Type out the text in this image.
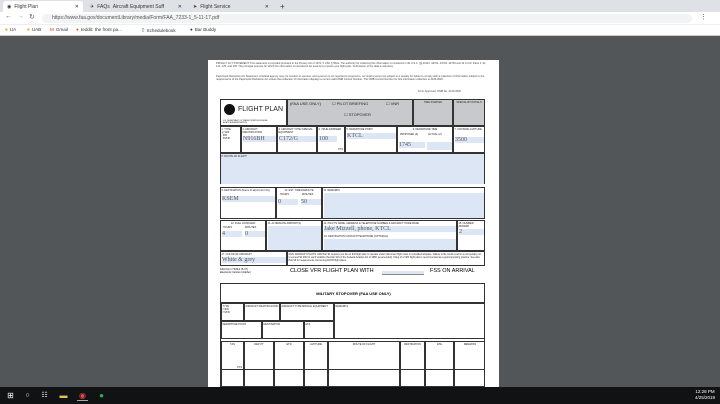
◉ Flight Plan	✕ ✈ FAQs Aircraft Equipment Suff	✕ ➤ Flight Service	✕	+
← → ↻	https://www.faa.gov/documentLibrary/media/Form/FAA_7233-1_5-11-17.pdf	⋮
■ UA ■ UAB M Gmail ● reddit: the front pa...	▯ Schedulebook	● Bar Buddy
PRIVACY ACT STATEMENT: This statement is provided pursuant to the Privacy Act of 1974, 5 USC § 552a. The authority for collecting this information is contained in 49 U.S.C. §§ 40113, 44702, 44703, 44709 and 14 C.F.R. Parts 1, 91, 121, 125, and 135. The principal purpose for which the information is intended to be used is to process your flight plan. Submission of the data is voluntary.
Paperwork Reduction Act Statement: A federal agency may not conduct or sponsor, and a person is not required to respond to, nor shall a person be subject to a penalty for failure to comply with a collection of information subject to the requirements of the Paperwork Reduction Act unless that collection of information displays a current valid OMB Control Number. The OMB Control Number for this information collection is 2120-0026.
Form Approved: OMB No. 2120-0026
FLIGHT PLAN
U.S. DEPARTMENT OF TRANSPORTATION FEDERAL AVIATION ADMINISTRATION
(FAA USE ONLY)	☐ PILOT BRIEFING	☐ VNR
☐ STOPOVER
TIME STARTED	SPECIALIST INITIALS
1. TYPE
✓ VFR
IFR
DVFR
2. AIRCRAFT IDENTIFICATION
N916BH
3. AIRCRAFT TYPE/ SPECIAL EQUIPMENT
C172/G
4. TRUE AIRSPEED
100
KTS
5. DEPARTURE POINT
KTCL
6. DEPARTURE TIME
PROPOSED (Z)	ACTUAL (Z)
1745
7. CRUISING ALTITUDE
3500
8. ROUTE OF FLIGHT
9. DESTINATION (Name of airport and city)
KSEM
10. EST. TIME ENROUTE
HOURS	MINUTES
0	50
11. REMARKS
12. FUEL ON BOARD
HOURS	MINUTES
4	0
13. ALTERNATE AIRPORT(S)	14. PILOT'S NAME, ADDRESS & TELEPHONE NUMBER & AIRCRAFT HOME BASE
Jake Mizzell, phone, KTCL
16. DESTINATION CONTACT/TELEPHONE (OPTIONAL)
15. NUMBER ABOARD
2
17. COLOR OF AIRCRAFT
White & grey
CIVIL AIRCRAFT PILOTS. FAR Part 91 requires you file an IFR flight plan to operate under instrument flight rules in controlled airspace. Failure to file could result in a civil penalty not to exceed $1,000 for each violation (Section 901 of the Federal Aviation Act of 1958, as amended). Filing of a VFR flight plan is recommended as a good operating practice. See also Part 99 for requirements concerning DVFR flight plans.
FAA Form 7233-1 (5-17) Electronic Version (Adobe)	CLOSE VFR FLIGHT PLAN WITH	FSS ON ARRIVAL
MILITARY STOPOVER (FAA USE ONLY)
TYPE
☐IFR
☐VFR
AIRCRAFT IDENTIFICATION	AIRCRAFT TYPE/SPECIAL EQUIPMENT	REMARKS
DEPARTURE POINT	DESTINATION	ETA
TAS
KTS
DEP. PT	ETD	ALTITUDE	ROUTE OF FLIGHT	DESTINATION	ETE	REMARKS
⊞	○	☷ ▬ ◉	●	12:28 PM
4/25/2019
